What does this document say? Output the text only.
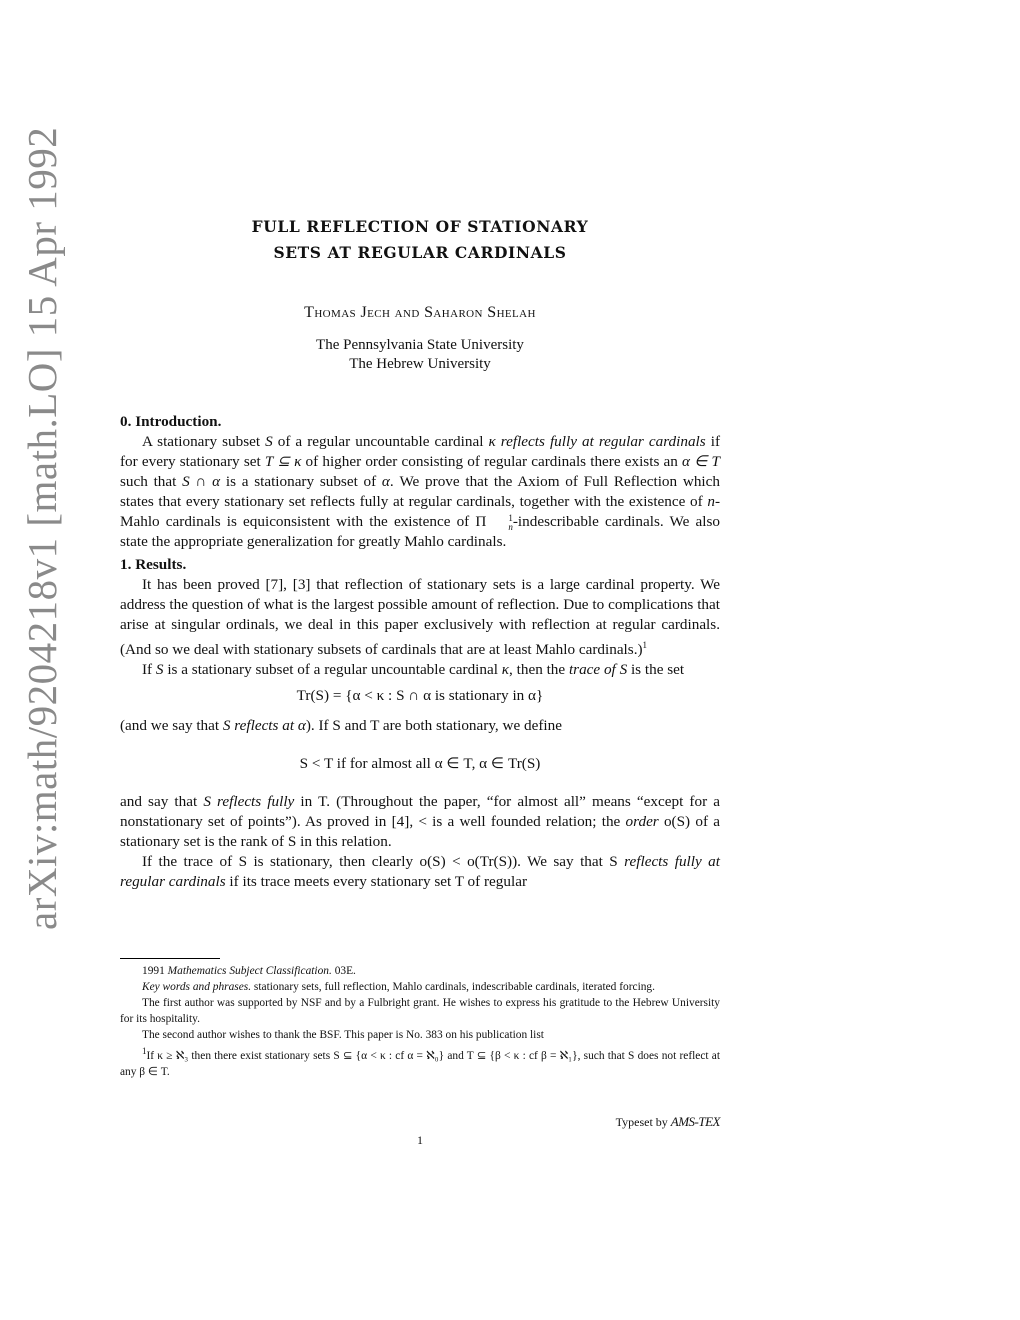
arXiv:math/9204218v1 [math.LO] 15 Apr 1992	FULL REFLECTION OF STATIONARY
SETS AT REGULAR CARDINALS
Thomas Jech and Saharon Shelah
The Pennsylvania State University
The Hebrew University

0. Introduction.

A stationary subset S of a regular uncountable cardinal κ reflects fully at regular cardinals if for every stationary set T ⊆ κ of higher order consisting of regular cardinals there exists an α ∈ T such that S ∩ α is a stationary subset of α. We prove that the Axiom of Full Reflection which states that every stationary set reflects fully at regular cardinals, together with the existence of n-Mahlo cardinals is equiconsistent with the existence of Π	1
n -indescribable cardinals. We also state the appropriate generalization for greatly Mahlo cardinals.

1. Results.

It has been proved [7], [3] that reflection of stationary sets is a large cardinal property. We address the question of what is the largest possible amount of reflection. Due to complications that arise at singular ordinals, we deal in this paper exclusively with reflection at regular cardinals. (And so we deal with stationary subsets of cardinals that are at least Mahlo cardinals.)$^1$

If S is a stationary subset of a regular uncountable cardinal κ, then the trace of S is the set

Tr(S) = {α < κ : S ∩ α is stationary in α}

(and we say that S reflects at α). If S and T are both stationary, we define

S < T if for almost all α ∈ T, α ∈ Tr(S)

and say that S reflects fully in T. (Throughout the paper, “for almost all” means “except for a nonstationary set of points”). As proved in [4], < is a well founded relation; the order o(S) of a stationary set is the rank of S in this relation.

If the trace of S is stationary, then clearly o(S) < o(Tr(S)). We say that S reflects fully at regular cardinals if its trace meets every stationary set T of regular

1991 Mathematics Subject Classification. 03E.

Key words and phrases. stationary sets, full reflection, Mahlo cardinals, indescribable cardinals, iterated forcing.

The first author was supported by NSF and by a Fulbright grant. He wishes to express his gratitude to the Hebrew University for its hospitality.

The second author wishes to thank the BSF. This paper is No. 383 on his publication list

$^1$If κ ≥ ℵ₃ then there exist stationary sets S ⊆ {α < κ : cf α = ℵ₀} and T ⊆ {β < κ : cf β = ℵ₁}, such that S does not reflect at any β ∈ T.

Typeset by AMS-TEX
1
